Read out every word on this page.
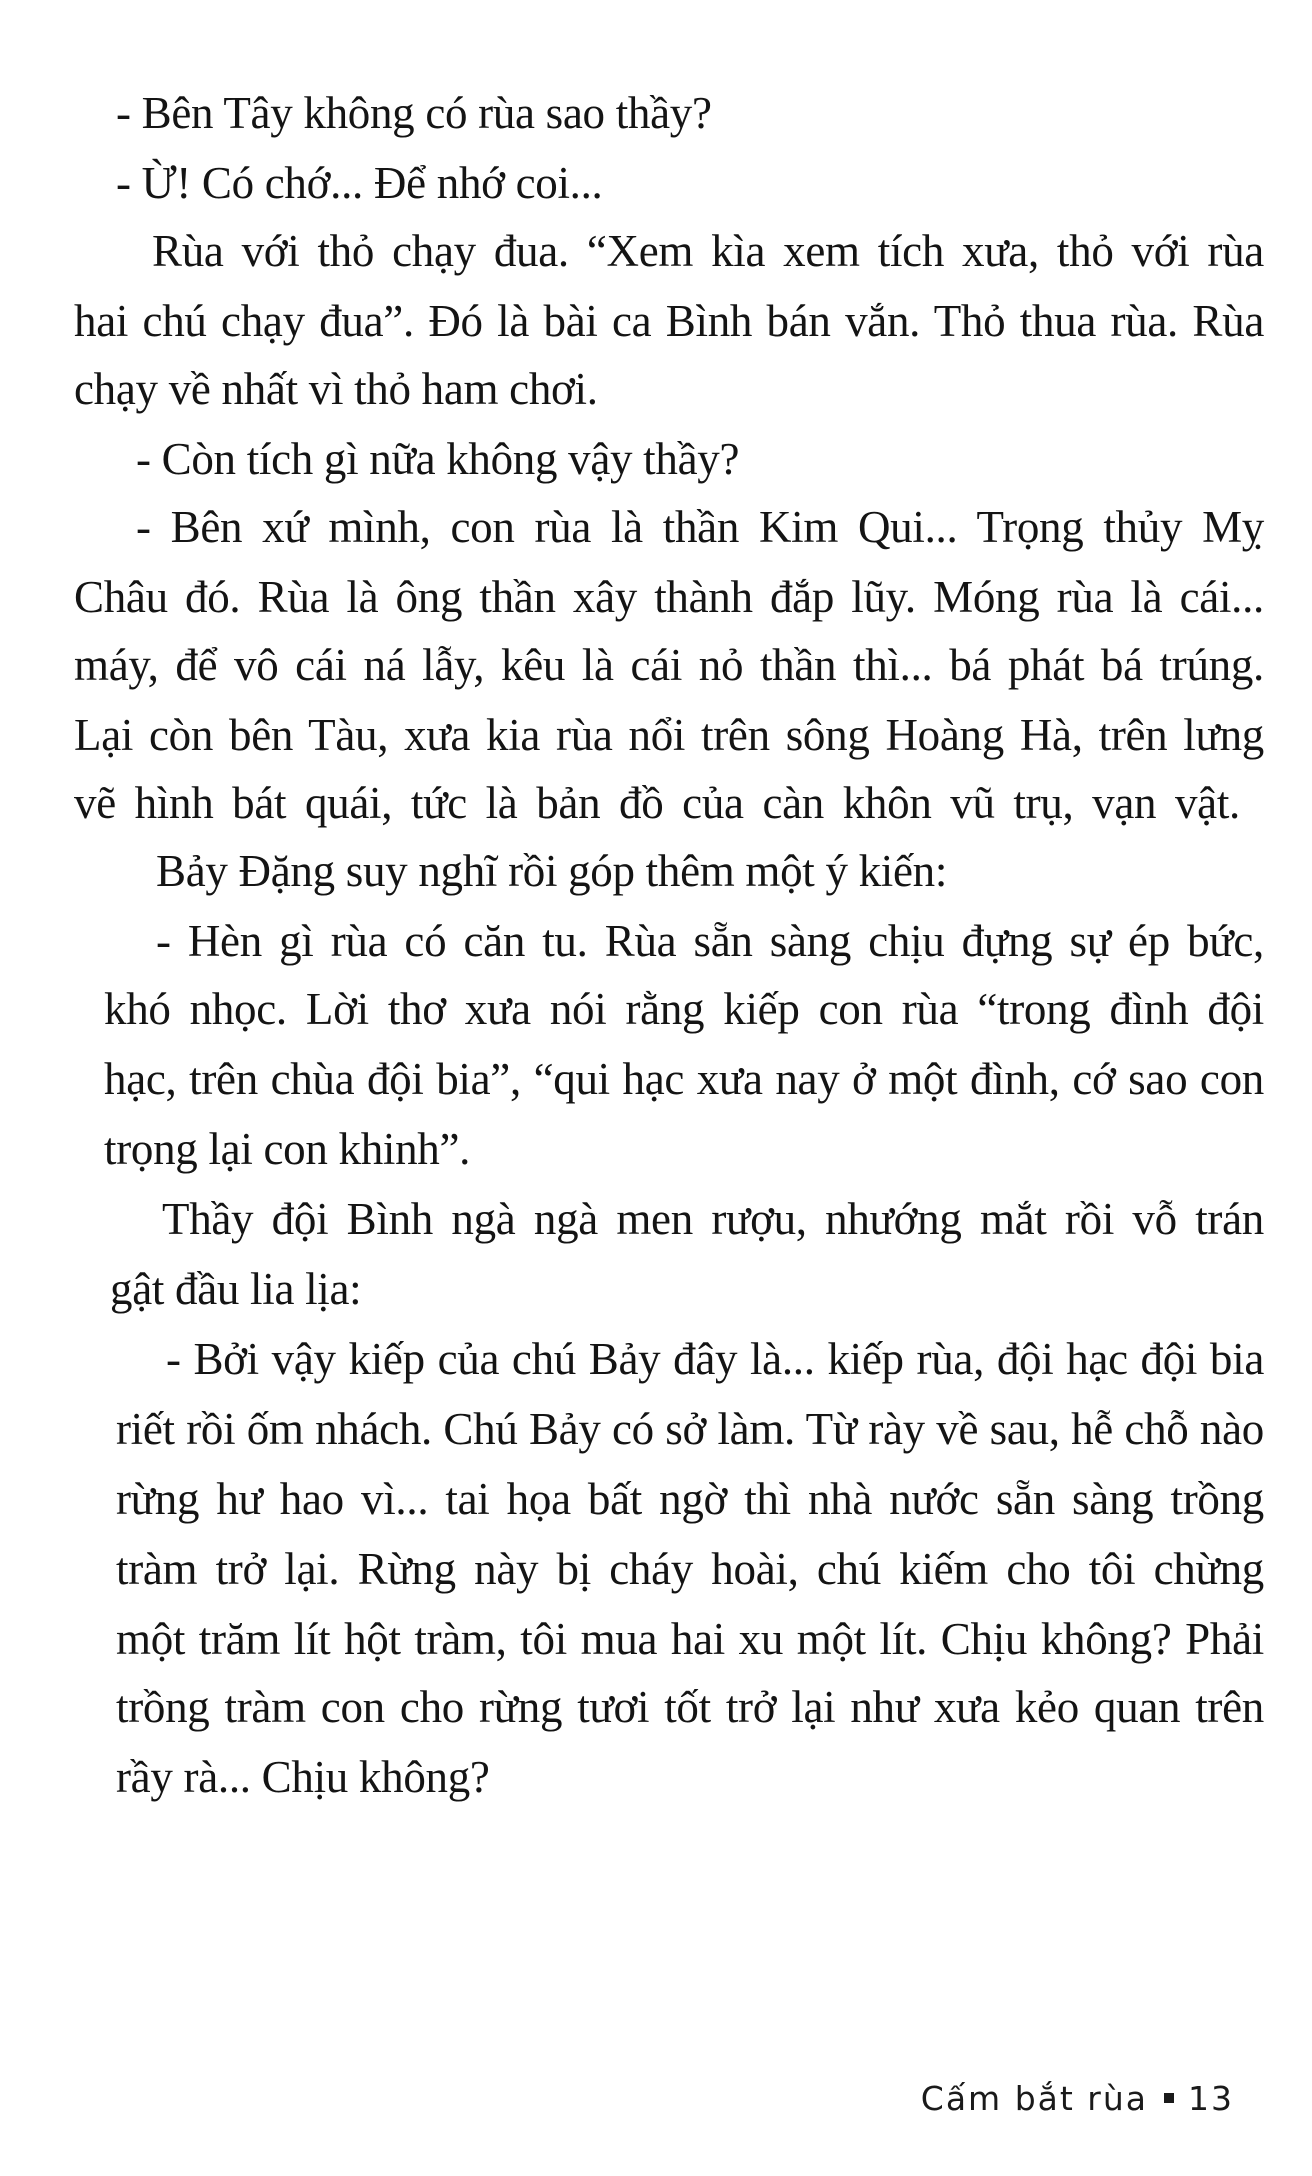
- Bên Tây không có rùa sao thầy?
- Ừ! Có chớ... Để nhớ coi...
Rùa với thỏ chạy đua. “Xem kìa xem tích xưa, thỏ với rùa
hai chú chạy đua”. Đó là bài ca Bình bán vắn. Thỏ thua rùa. Rùa
chạy về nhất vì thỏ ham chơi.
- Còn tích gì nữa không vậy thầy?
- Bên xứ mình, con rùa là thần Kim Qui... Trọng thủy Mỵ
Châu đó. Rùa là ông thần xây thành đắp lũy. Móng rùa là cái...
máy, để vô cái ná lẫy, kêu là cái nỏ thần thì... bá phát bá trúng.
Lại còn bên Tàu, xưa kia rùa nổi trên sông Hoàng Hà, trên lưng
vẽ hình bát quái, tức là bản đồ của càn khôn vũ trụ, vạn vật.
Bảy Đặng suy nghĩ rồi góp thêm một ý kiến:
- Hèn gì rùa có căn tu. Rùa sẵn sàng chịu đựng sự ép bức,
khó nhọc. Lời thơ xưa nói rằng kiếp con rùa “trong đình đội
hạc, trên chùa đội bia”, “qui hạc xưa nay ở một đình, cớ sao con
trọng lại con khinh”.
Thầy đội Bình ngà ngà men rượu, nhướng mắt rồi vỗ trán
gật đầu lia lịa:
- Bởi vậy kiếp của chú Bảy đây là... kiếp rùa, đội hạc đội bia
riết rồi ốm nhách. Chú Bảy có sở làm. Từ rày về sau, hễ chỗ nào
rừng hư hao vì... tai họa bất ngờ thì nhà nước sẵn sàng trồng
tràm trở lại. Rừng này bị cháy hoài, chú kiếm cho tôi chừng
một trăm lít hột tràm, tôi mua hai xu một lít. Chịu không? Phải
trồng tràm con cho rừng tươi tốt trở lại như xưa kẻo quan trên
rầy rà... Chịu không?
Cấm bắt rùa 13
